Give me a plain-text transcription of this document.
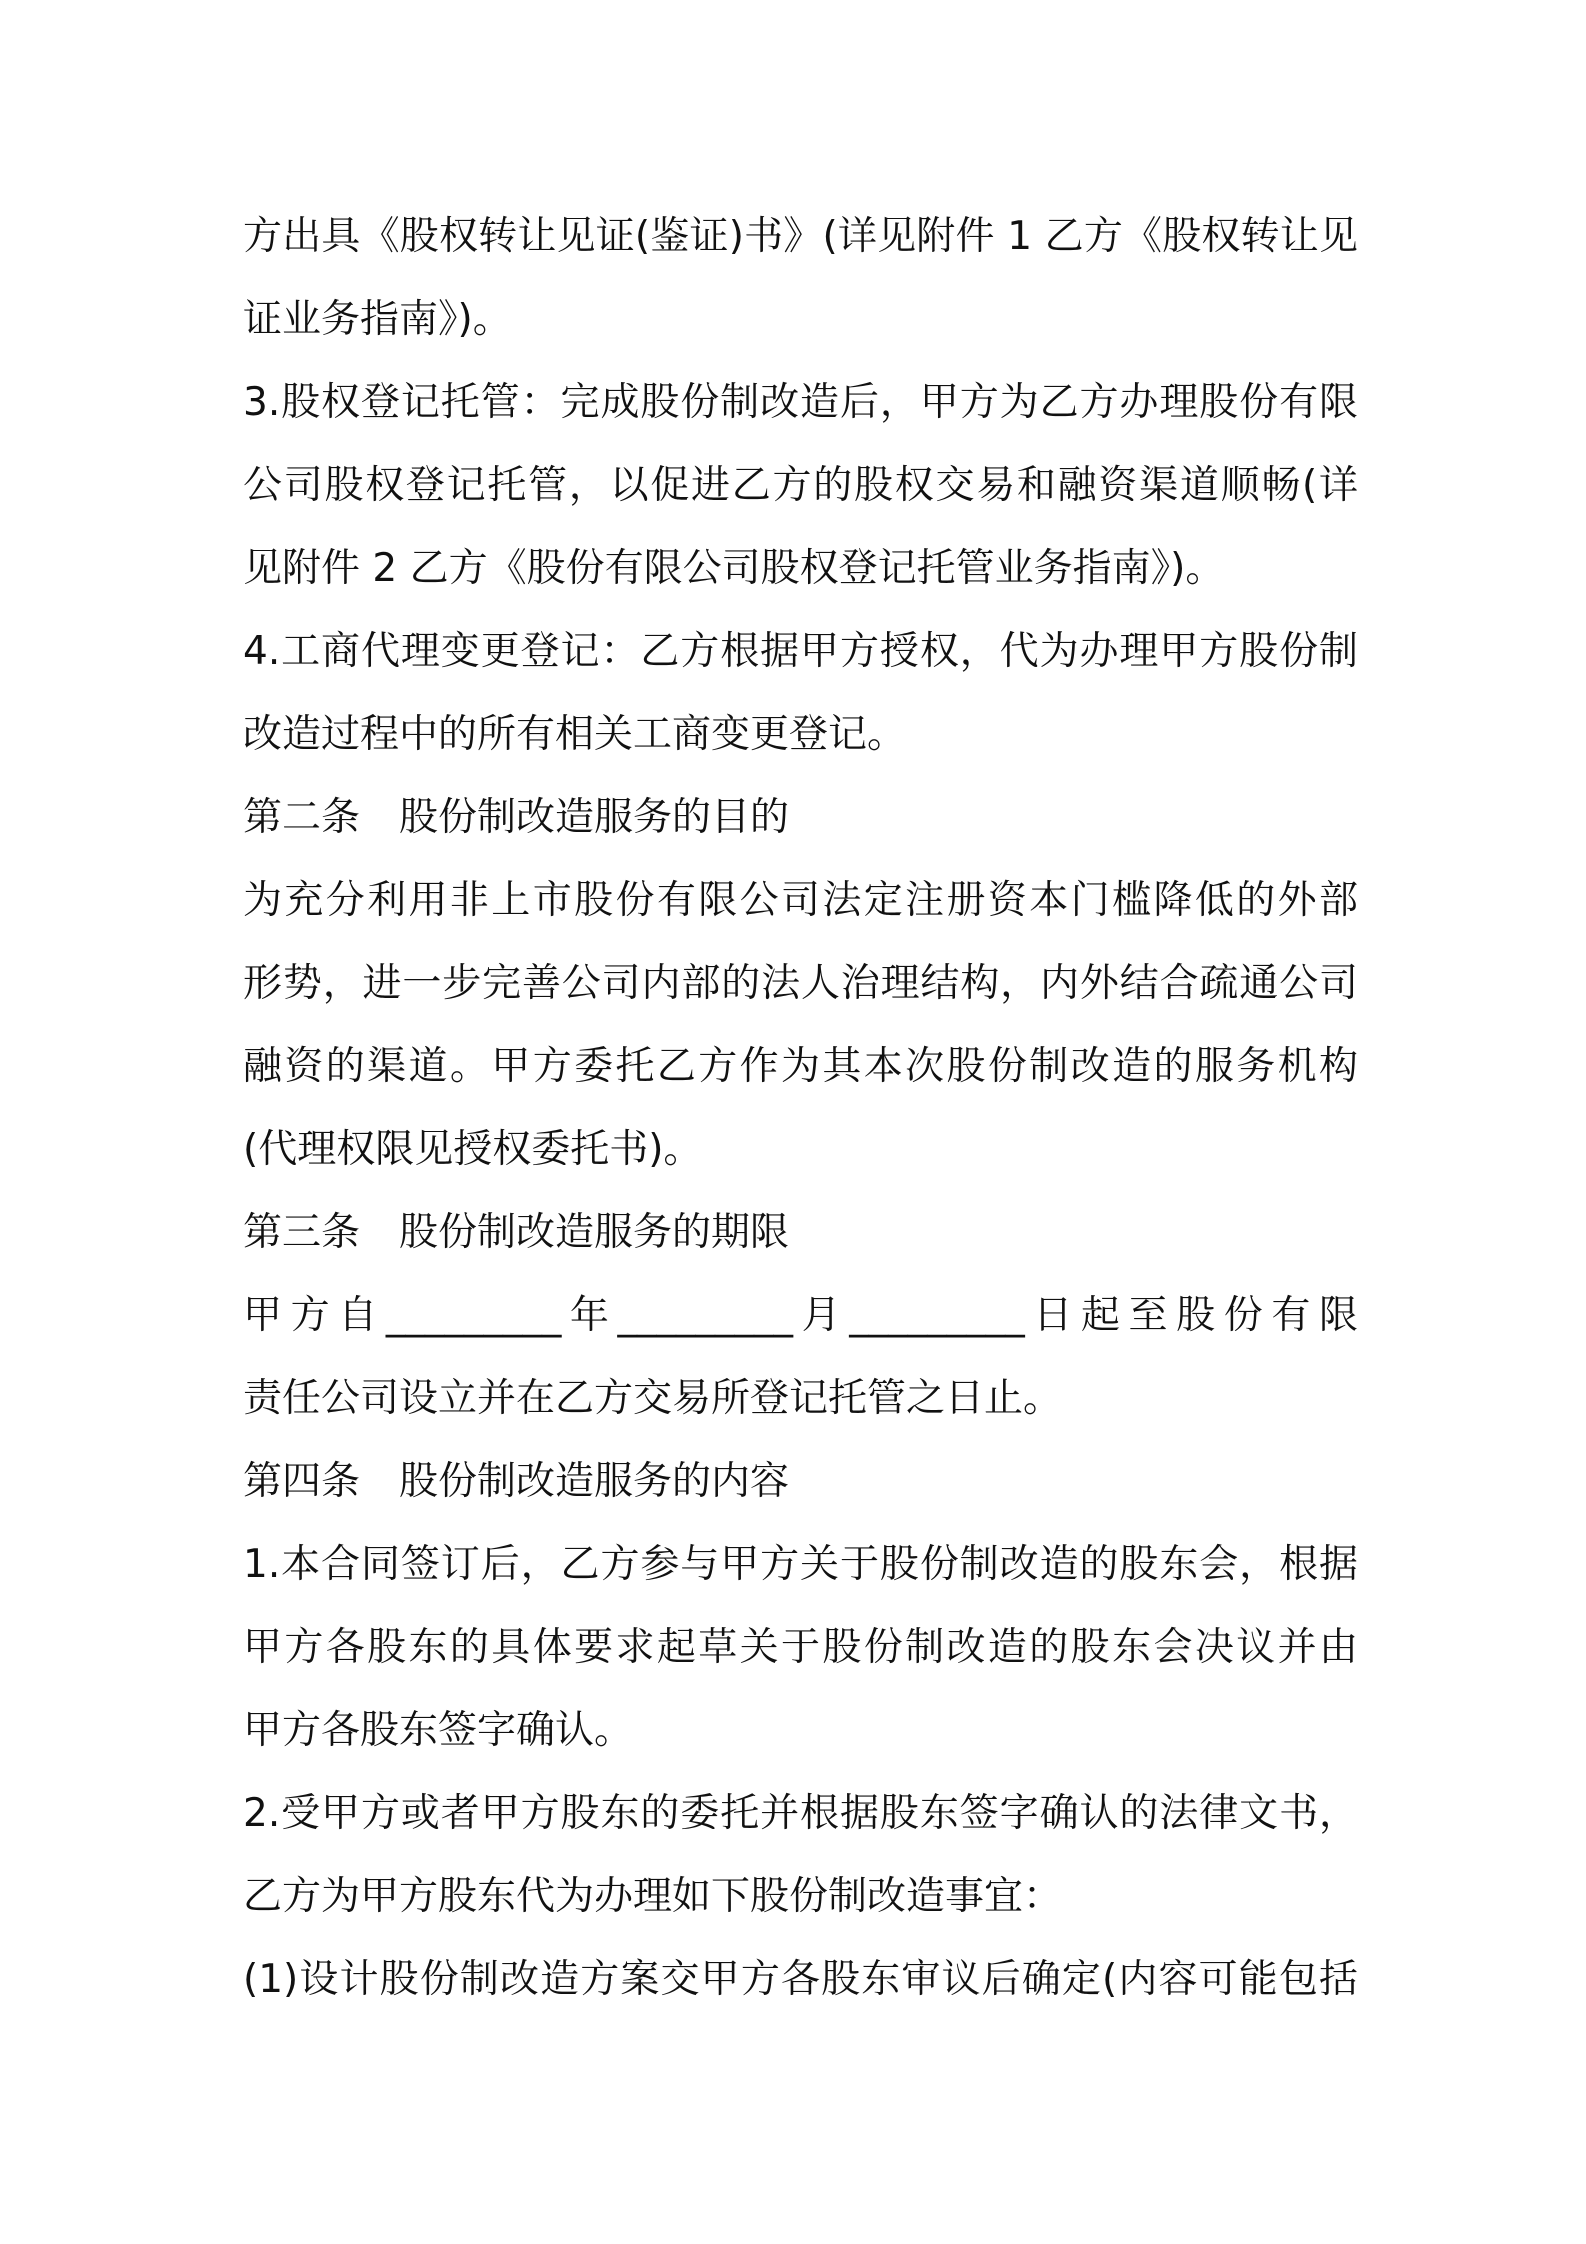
方出具《股权转让见证(鉴证)书》(详见附件 1 乙方《股权转让见
证业务指南》)。
3.股权登记托管：完成股份制改造后，甲方为乙方办理股份有限
公司股权登记托管，以促进乙方的股权交易和融资渠道顺畅(详
见附件 2 乙方《股份有限公司股权登记托管业务指南》)。
4.工商代理变更登记：乙方根据甲方授权，代为办理甲方股份制
改造过程中的所有相关工商变更登记。
第二条　股份制改造服务的目的
为充分利用非上市股份有限公司法定注册资本门槛降低的外部
形势，进一步完善公司内部的法人治理结构，内外结合疏通公司
融资的渠道。甲方委托乙方作为其本次股份制改造的服务机构
(代理权限见授权委托书)。
第三条　股份制改造服务的期限
甲方自_________年_________月_________日起至股份有限
责任公司设立并在乙方交易所登记托管之日止。
第四条　股份制改造服务的内容
1.本合同签订后，乙方参与甲方关于股份制改造的股东会，根据
甲方各股东的具体要求起草关于股份制改造的股东会决议并由
甲方各股东签字确认。
2.受甲方或者甲方股东的委托并根据股东签字确认的法律文书，
乙方为甲方股东代为办理如下股份制改造事宜：
(1)设计股份制改造方案交甲方各股东审议后确定(内容可能包括
